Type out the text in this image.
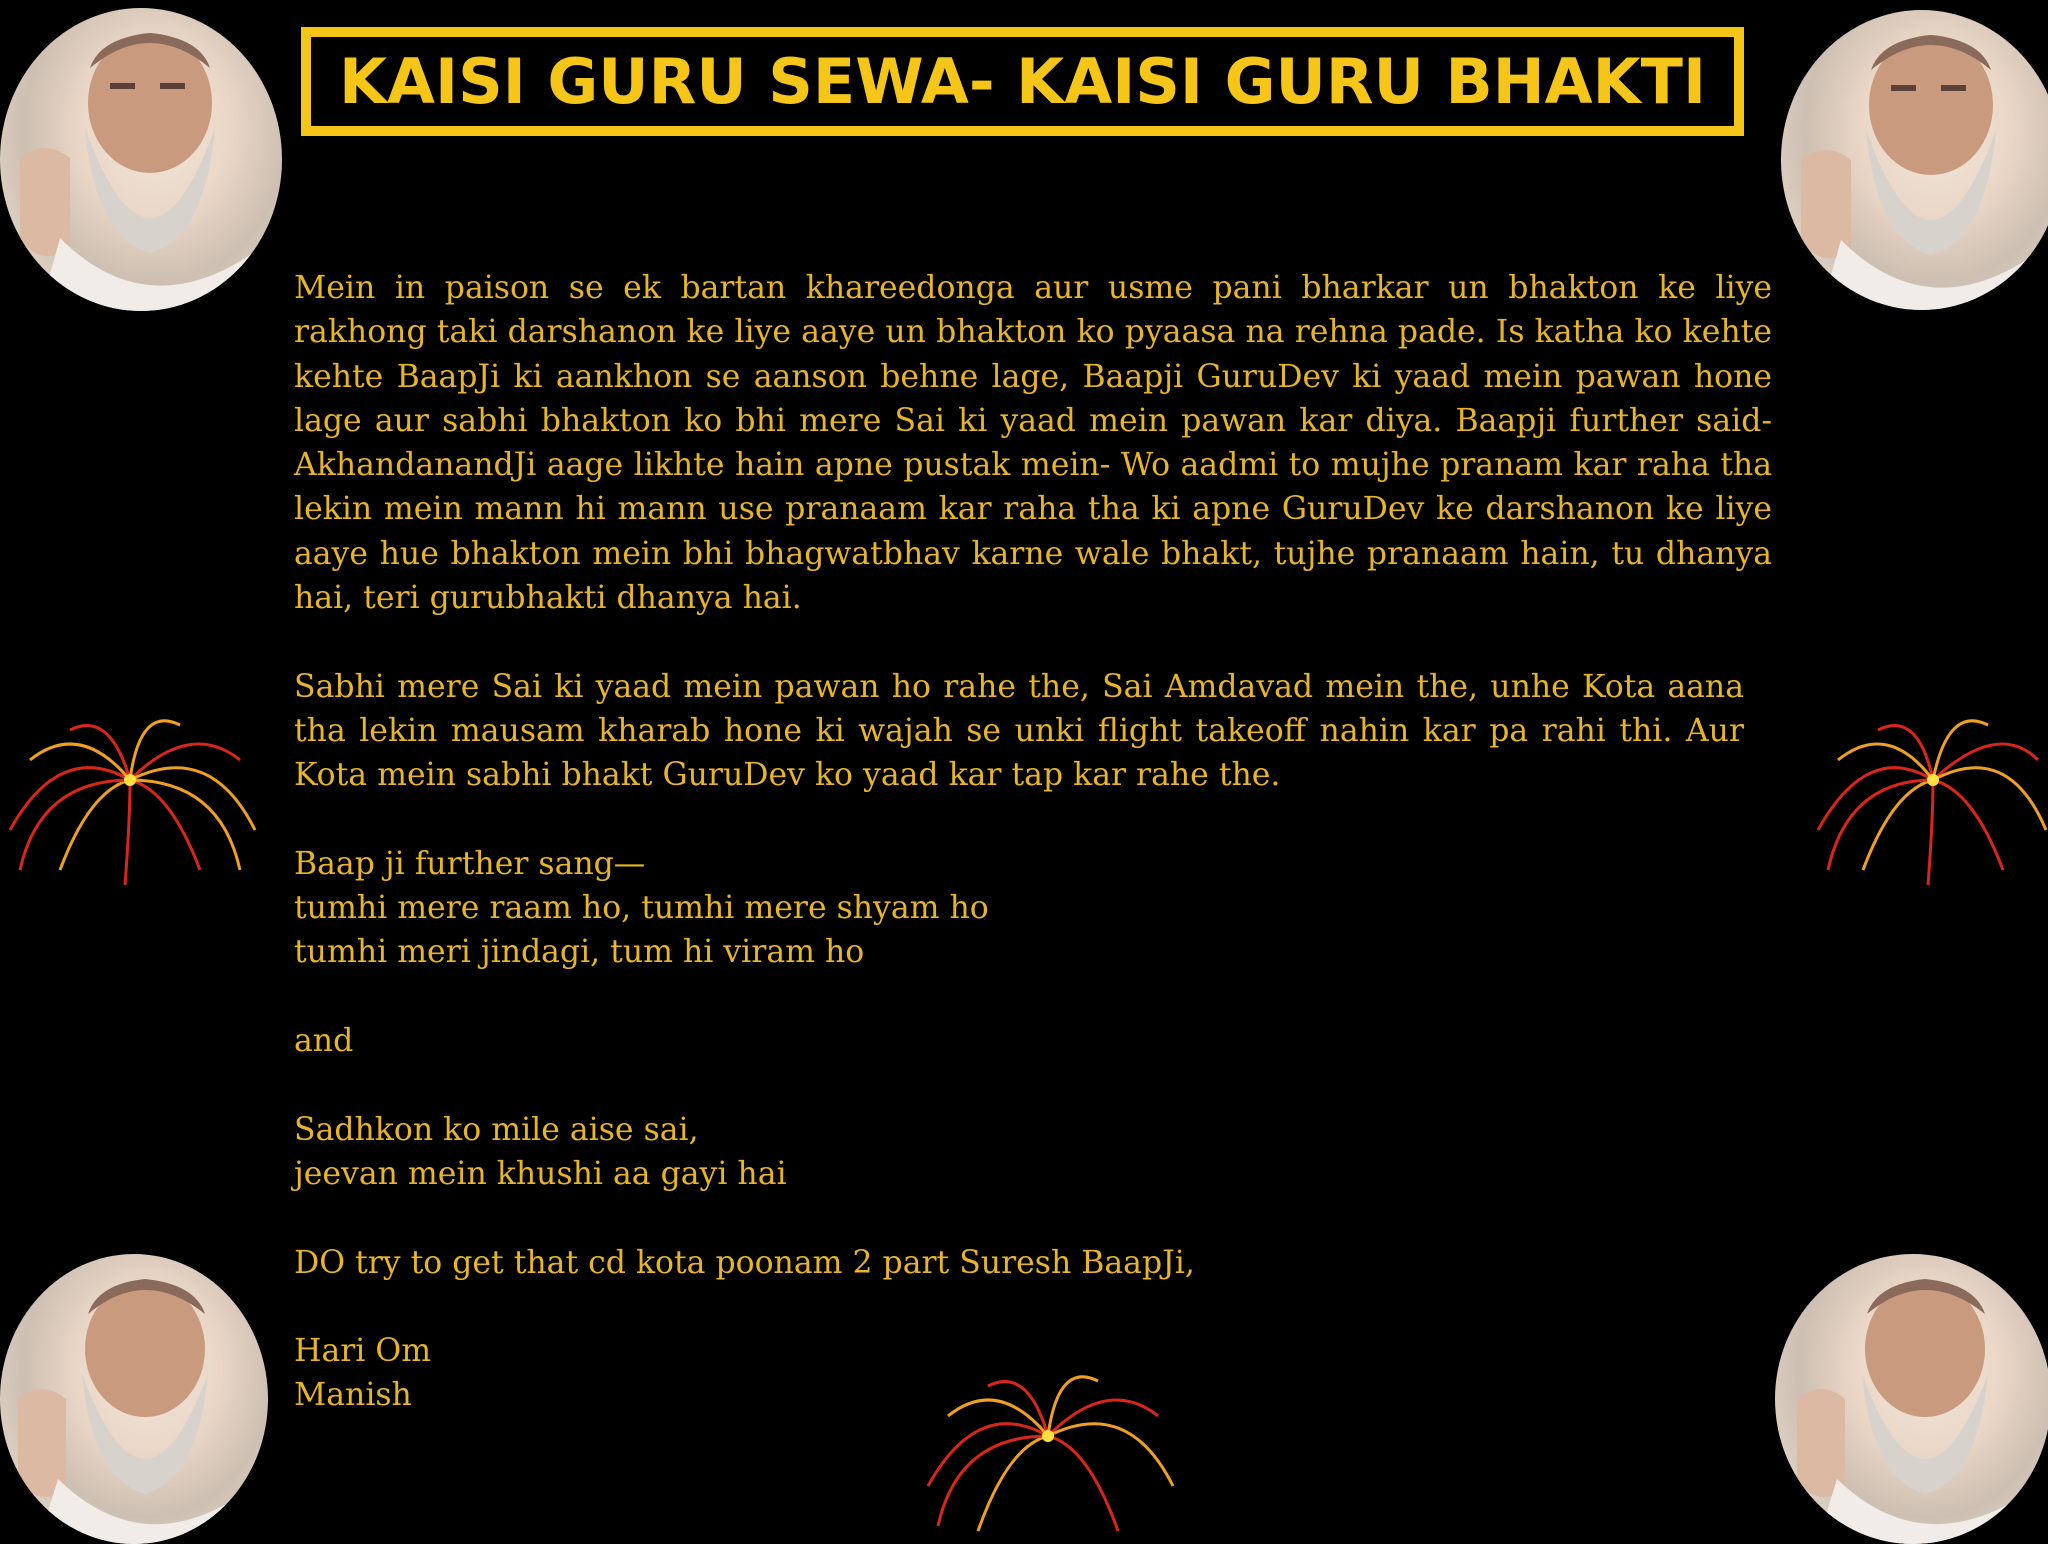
KAISI GURU SEWA- KAISI GURU BHAKTI

Mein in paison se ek bartan khareedonga aur usme pani bharkar un bhakton ke liye rakhong taki darshanon ke liye aaye un bhakton ko pyaasa na rehna pade. Is katha ko kehte kehte BaapJi ki aankhon se aanson behne lage, Baapji GuruDev ki yaad mein pawan hone lage aur sabhi bhakton ko bhi mere Sai ki yaad mein pawan kar diya. Baapji further said-AkhandanandJi aage likhte hain apne pustak mein- Wo aadmi to mujhe pranam kar raha tha lekin mein mann hi mann use pranaam kar raha tha ki apne GuruDev ke darshanon ke liye aaye hue bhakton mein bhi bhagwatbhav karne wale bhakt, tujhe pranaam hain, tu dhanya hai, teri gurubhakti dhanya hai.

Sabhi mere Sai ki yaad mein pawan ho rahe the, Sai Amdavad mein the, unhe Kota aana tha lekin mausam kharab hone ki wajah se unki flight takeoff nahin kar pa rahi thi. Aur Kota mein sabhi bhakt GuruDev ko yaad kar tap kar rahe the.

Baap ji further sang—

tumhi mere raam ho, tumhi mere shyam ho

tumhi meri jindagi, tum hi viram ho

and

Sadhkon ko mile aise sai,

jeevan mein khushi aa gayi hai

DO try to get that cd kota poonam 2 part Suresh BaapJi,

Hari Om

Manish
